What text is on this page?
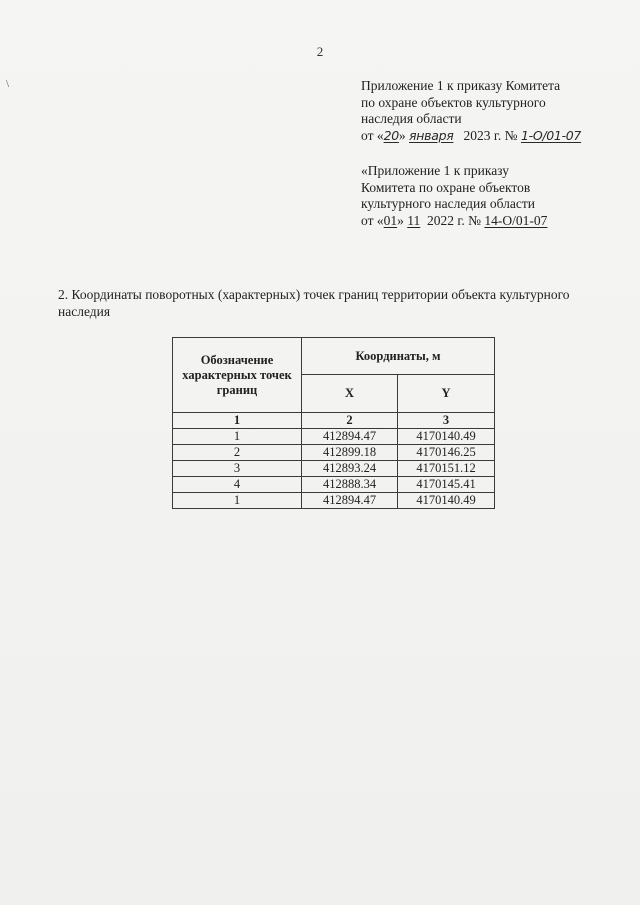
\
2
Приложение 1 к приказу Комитета
по охране объектов культурного
наследия области
от «20» января 2023 г. № 1-О/01-07
«Приложение 1 к приказу
Комитета по охране объектов
культурного наследия области
от «01» 11 2022 г. № 14-О/01-07
2. Координаты поворотных (характерных) точек границ территории объекта культурного наследия
Обозначение характерных точек границ	Координаты, м	
	X	Y
1	2	3
1	412894.47	4170140.49
2	412899.18	4170146.25
3	412893.24	4170151.12
4	412888.34	4170145.41
1	412894.47	4170140.49
